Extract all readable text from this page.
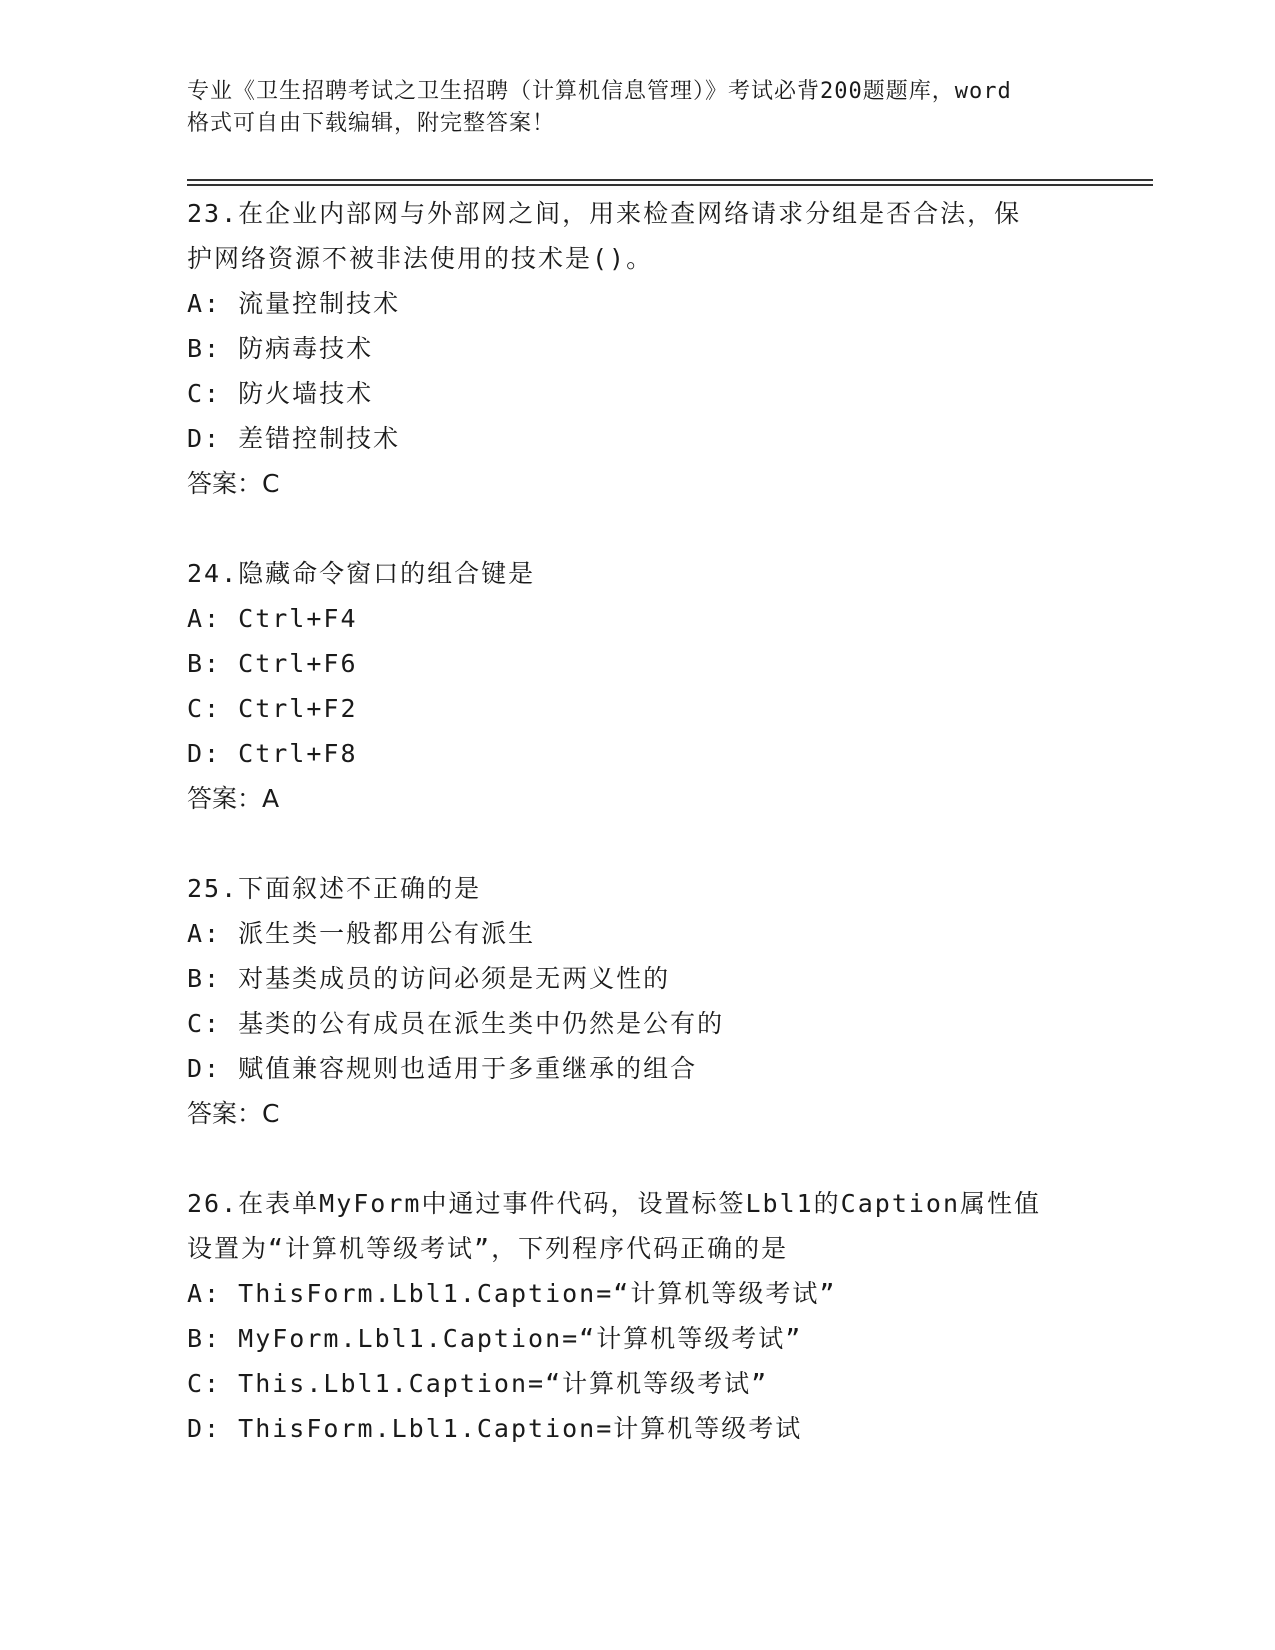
专业《卫生招聘考试之卫生招聘（计算机信息管理）》考试必背200题题库，word
格式可自由下载编辑，附完整答案！
23.在企业内部网与外部网之间，用来检查网络请求分组是否合法，保
护网络资源不被非法使用的技术是()。
A: 流量控制技术
B: 防病毒技术
C: 防火墙技术
D: 差错控制技术
答案：C
24.隐藏命令窗口的组合键是
A: Ctrl+F4
B: Ctrl+F6
C: Ctrl+F2
D: Ctrl+F8
答案：A
25.下面叙述不正确的是
A: 派生类一般都用公有派生
B: 对基类成员的访问必须是无两义性的
C: 基类的公有成员在派生类中仍然是公有的
D: 赋值兼容规则也适用于多重继承的组合
答案：C
26.在表单MyForm中通过事件代码，设置标签Lbl1的Caption属性值
设置为“计算机等级考试”，下列程序代码正确的是
A: ThisForm.Lbl1.Caption=“计算机等级考试”
B: MyForm.Lbl1.Caption=“计算机等级考试”
C: This.Lbl1.Caption=“计算机等级考试”
D: ThisForm.Lbl1.Caption=计算机等级考试
